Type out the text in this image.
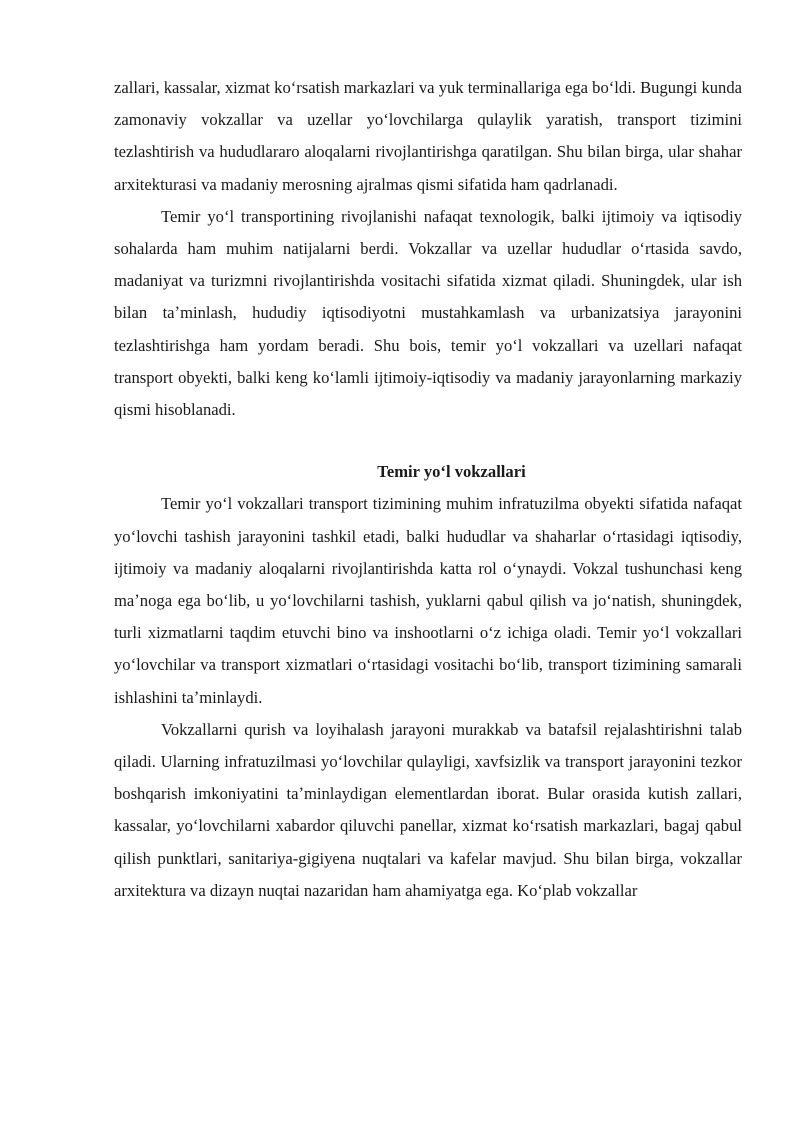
zallari, kassalar, xizmat koʻrsatish markazlari va yuk terminallariga ega boʻldi. Bugungi kunda zamonaviy vokzallar va uzellar yoʻlovchilarga qulaylik yaratish, transport tizimini tezlashtirish va hududlararo aloqalarni rivojlantirishga qaratilgan. Shu bilan birga, ular shahar arxitekturasi va madaniy merosning ajralmas qismi sifatida ham qadrlanadi.

Temir yoʻl transportining rivojlanishi nafaqat texnologik, balki ijtimoiy va iqtisodiy sohalarda ham muhim natijalarni berdi. Vokzallar va uzellar hududlar oʻrtasida savdo, madaniyat va turizmni rivojlantirishda vositachi sifatida xizmat qiladi. Shuningdek, ular ish bilan taʼminlash, hududiy iqtisodiyotni mustahkamlash va urbanizatsiya jarayonini tezlashtirishga ham yordam beradi. Shu bois, temir yoʻl vokzallari va uzellari nafaqat transport obyekti, balki keng koʻlamli ijtimoiy-iqtisodiy va madaniy jarayonlarning markaziy qismi hisoblanadi.

Temir yoʻl vokzallari

Temir yoʻl vokzallari transport tizimining muhim infratuzilma obyekti sifatida nafaqat yoʻlovchi tashish jarayonini tashkil etadi, balki hududlar va shaharlar oʻrtasidagi iqtisodiy, ijtimoiy va madaniy aloqalarni rivojlantirishda katta rol oʻynaydi. Vokzal tushunchasi keng maʼnoga ega boʻlib, u yoʻlovchilarni tashish, yuklarni qabul qilish va joʻnatish, shuningdek, turli xizmatlarni taqdim etuvchi bino va inshootlarni oʻz ichiga oladi. Temir yoʻl vokzallari yoʻlovchilar va transport xizmatlari oʻrtasidagi vositachi boʻlib, transport tizimining samarali ishlashini taʼminlaydi.

Vokzallarni qurish va loyihalash jarayoni murakkab va batafsil rejalashtirishni talab qiladi. Ularning infratuzilmasi yoʻlovchilar qulayligi, xavfsizlik va transport jarayonini tezkor boshqarish imkoniyatini taʼminlaydigan elementlardan iborat. Bular orasida kutish zallari, kassalar, yoʻlovchilarni xabardor qiluvchi panellar, xizmat koʻrsatish markazlari, bagaj qabul qilish punktlari, sanitariya-gigiyena nuqtalari va kafelar mavjud. Shu bilan birga, vokzallar arxitektura va dizayn nuqtai nazaridan ham ahamiyatga ega. Koʻplab vokzallar
